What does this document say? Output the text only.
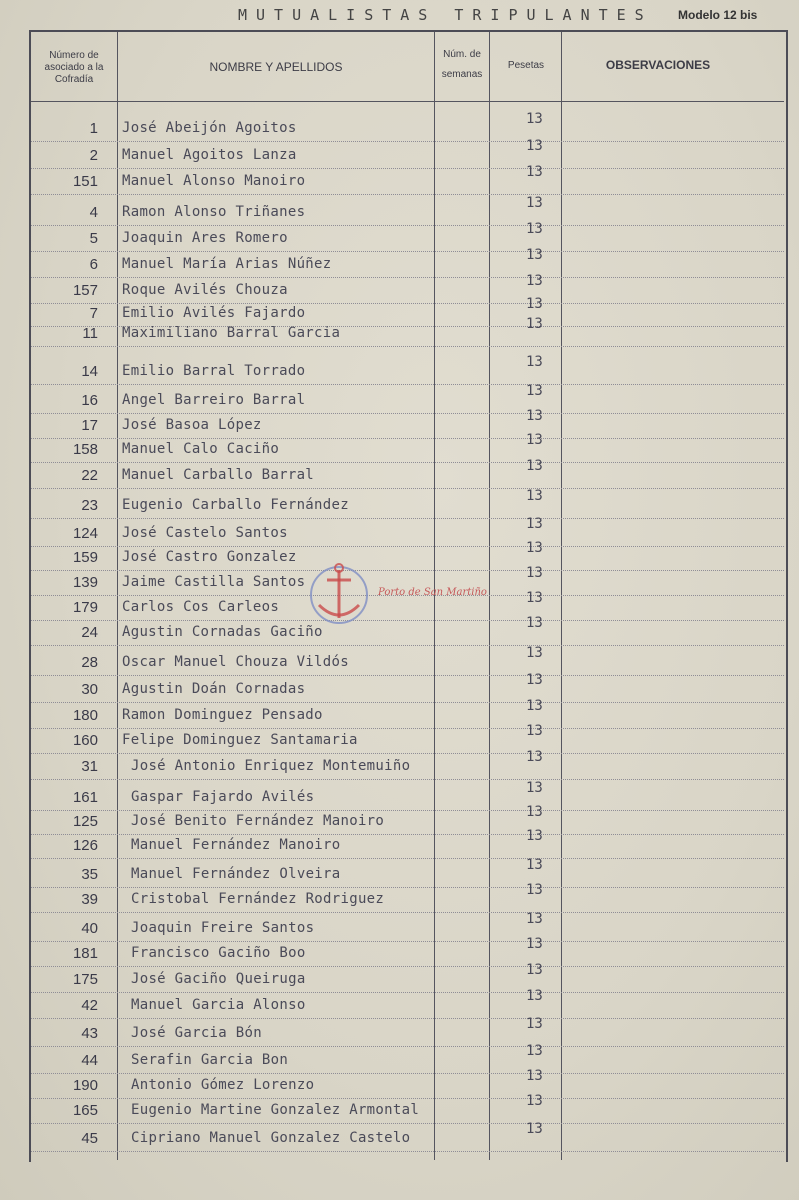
MUTUALISTAS TRIPULANTES Modelo 12 bis
Número de asociado a la Cofradía
NOMBRE Y APELLIDOS
Núm. de semanas
Pesetas	OBSERVACIONES
1 José Abeijón Agoitos
13
2 Manuel Agoitos Lanza
13
151 Manuel Alonso Manoiro
13
4 Ramon Alonso Triñanes
13
5 Joaquin Ares Romero
13
6 Manuel María Arias Núñez
13
157 Roque Avilés Chouza
13
7 Emilio Avilés Fajardo
13
11 Maximiliano Barral Garcia
13
14 Emilio Barral Torrado
13
16 Angel Barreiro Barral
13
17 José Basoa López
13
158 Manuel Calo Caciño
13
22 Manuel Carballo Barral
13
23 Eugenio Carballo Fernández
13
124 José Castelo Santos
13
159 José Castro Gonzalez
13
139 Jaime Castilla Santos
13
179 Carlos Cos Carleos
13
24 Agustin Cornadas Gaciño
13
28 Oscar Manuel Chouza Vildós
13
30 Agustin Doán Cornadas
13
180 Ramon Dominguez Pensado
13
160 Felipe Dominguez Santamaria
13
31 José Antonio Enriquez Montemuiño
13
161 Gaspar Fajardo Avilés
13
125 José Benito Fernández Manoiro
13
126 Manuel Fernández Manoiro
13
35 Manuel Fernández Olveira
13
39 Cristobal Fernández Rodriguez
13
40 Joaquin Freire Santos
13
181 Francisco Gaciño Boo
13
175 José Gaciño Queiruga
13
42 Manuel Garcia Alonso
13
43 José Garcia Bón
13
44 Serafin Garcia Bon
13
190 Antonio Gómez Lorenzo
13
165 Eugenio Martine Gonzalez Armontal
13
45 Cipriano Manuel Gonzalez Castelo
13
Porto de San Martiño
